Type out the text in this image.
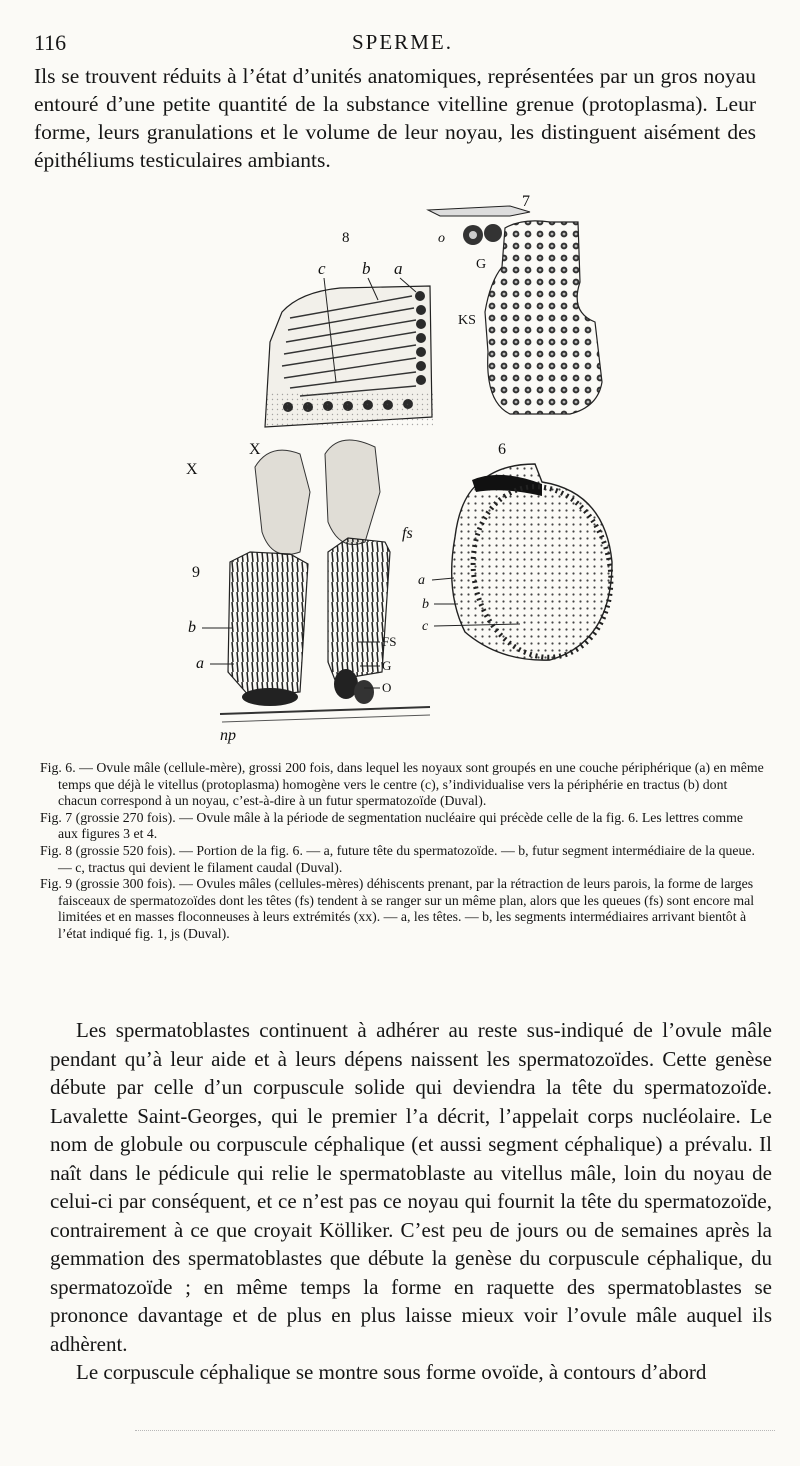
116	SPERME.

Ils se trouvent réduits à l’état d’unités anatomiques, représentées par un gros noyau entouré d’une petite quantité de la substance vitelline grenue (protoplasma). Leur forme, leurs granulations et le volume de leur noyau, les distinguent aisément des épithéliums testiculaires ambiants.

8
c b a
7
o
G
KS
X
X
9
fs
b
a
FS
G
O
np
6
a
b
c

Fig. 6. — Ovule mâle (cellule-mère), grossi 200 fois, dans lequel les noyaux sont groupés en une couche périphérique (a) en même temps que déjà le vitellus (protoplasma) homogène vers le centre (c), s’individualise vers la périphérie en tractus (b) dont chacun correspond à un noyau, c’est-à-dire à un futur spermatozoïde (Duval).

Fig. 7 (grossie 270 fois). — Ovule mâle à la période de segmentation nucléaire qui précède celle de la fig. 6. Les lettres comme aux figures 3 et 4.

Fig. 8 (grossie 520 fois). — Portion de la fig. 6. — a, future tête du spermatozoïde. — b, futur segment intermédiaire de la queue. — c, tractus qui devient le filament caudal (Duval).

Fig. 9 (grossie 300 fois). — Ovules mâles (cellules-mères) déhiscents prenant, par la rétraction de leurs parois, la forme de larges faisceaux de spermatozoïdes dont les têtes (fs) tendent à se ranger sur un même plan, alors que les queues (fs) sont encore mal limitées et en masses floconneuses à leurs extrémités (xx). — a, les têtes. — b, les segments intermédiaires arrivant bientôt à l’état indiqué fig. 1, js (Duval).

Les spermatoblastes continuent à adhérer au reste sus-indiqué de l’ovule mâle pendant qu’à leur aide et à leurs dépens naissent les spermatozoïdes. Cette genèse débute par celle d’un corpuscule solide qui deviendra la tête du spermatozoïde. Lavalette Saint-Georges, qui le premier l’a décrit, l’appelait corps nucléolaire. Le nom de globule ou corpuscule céphalique (et aussi segment céphalique) a prévalu. Il naît dans le pédicule qui relie le spermatoblaste au vitellus mâle, loin du noyau de celui-ci par conséquent, et ce n’est pas ce noyau qui fournit la tête du spermatozoïde, contrairement à ce que croyait Kölliker. C’est peu de jours ou de semaines après la gemmation des spermatoblastes que débute la genèse du corpuscule céphalique, du spermatozoïde ; en même temps la forme en raquette des spermatoblastes se prononce davantage et de plus en plus laisse mieux voir l’ovule mâle auquel ils adhèrent.

Le corpuscule céphalique se montre sous forme ovoïde, à contours d’abord
